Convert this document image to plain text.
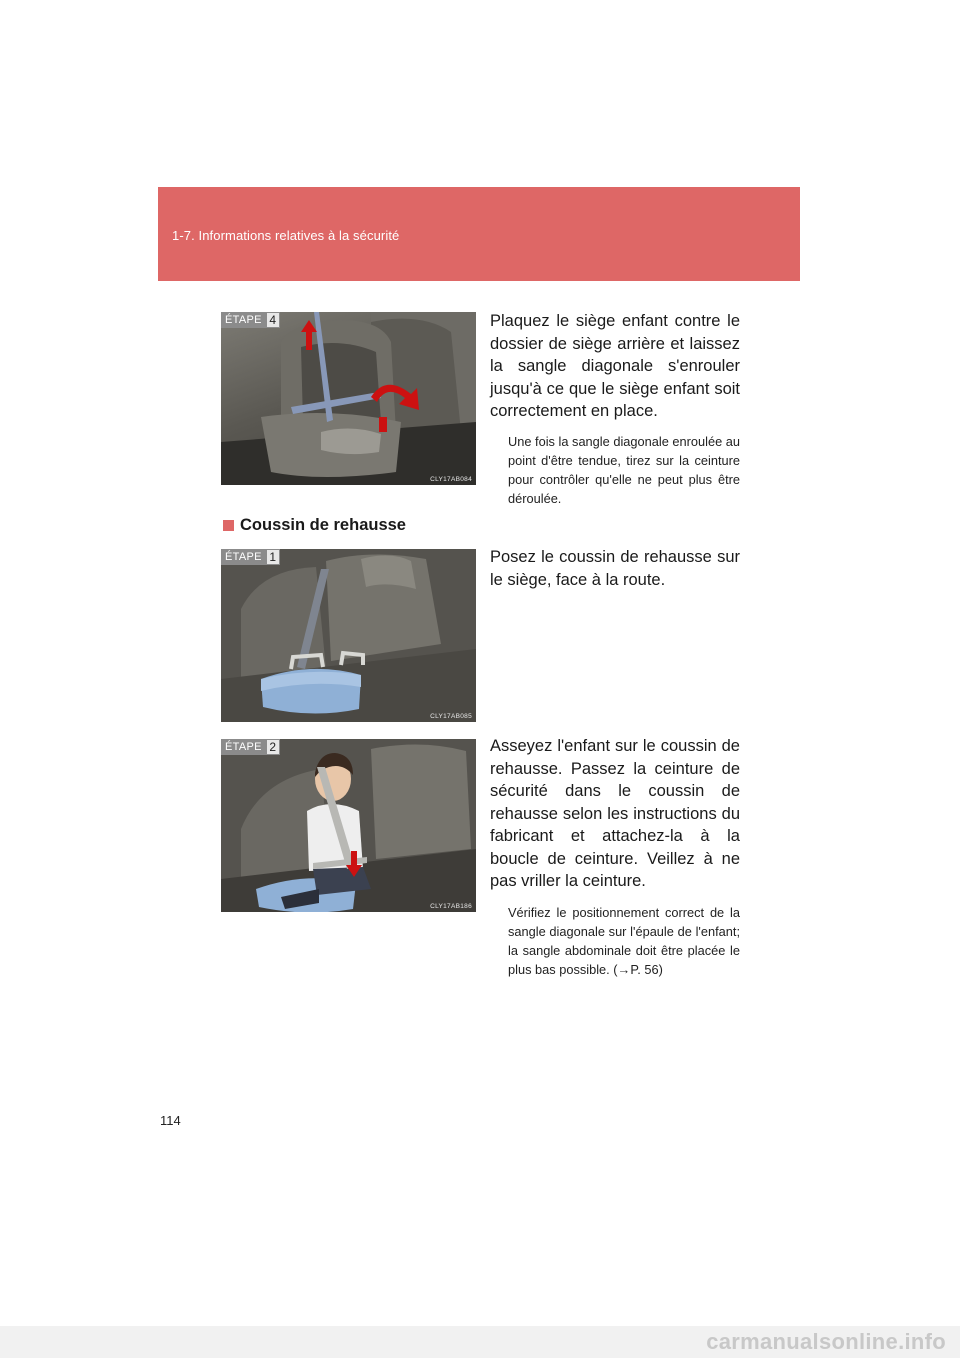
1-7. Informations relatives à la sécurité
ÉTAPE 4
CLY17AB084
Plaquez le siège enfant contre le dossier de siège arrière et laissez la sangle diagonale s'enrouler jusqu'à ce que le siège enfant soit correctement en place.
Une fois la sangle diagonale enroulée au point d'être tendue, tirez sur la ceinture pour contrôler qu'elle ne peut plus être déroulée.
Coussin de rehausse
ÉTAPE 1
CLY17AB085
Posez le coussin de rehausse sur le siège, face à la route.
ÉTAPE 2
CLY17AB186
Asseyez l'enfant sur le coussin de rehausse. Passez la ceinture de sécurité dans le coussin de rehausse selon les instructions du fabricant et attachez-la à la boucle de ceinture. Veillez à ne pas vriller la ceinture.
Vérifiez le positionnement correct de la sangle diagonale sur l'épaule de l'enfant; la sangle abdominale doit être placée le plus bas possible. (→P. 56)
114
carmanualsonline.info
